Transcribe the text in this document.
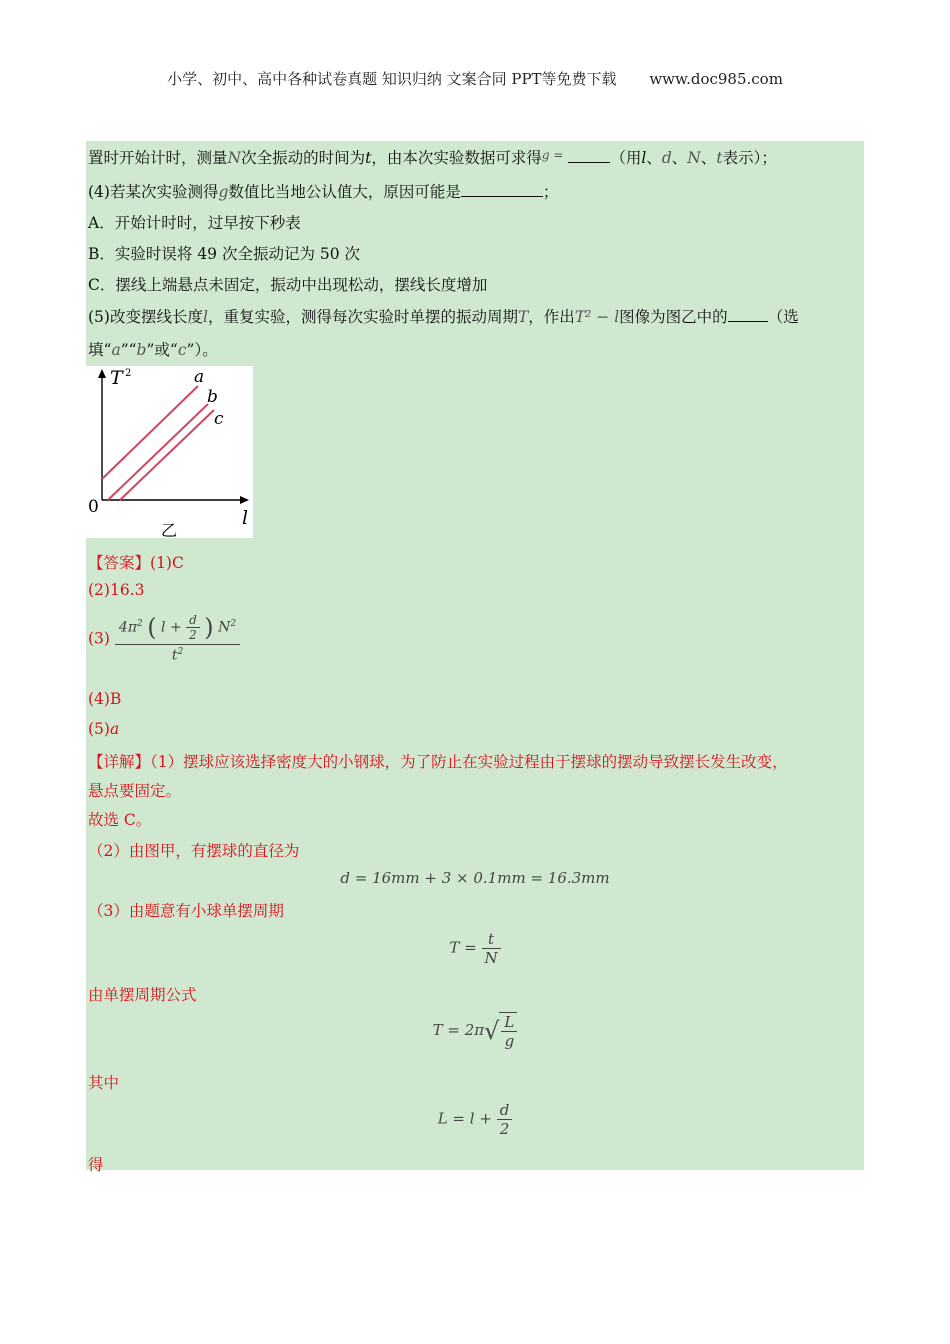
小学、初中、高中各种试卷真题 知识归纳 文案合同 PPT等免费下载 www.doc985.com
置时开始计时，测量N次全振动的时间为t，由本次实验数据可求得$^{g =}$	（用l、d、N、t表示）；
(4)若某次实验测得g数值比当地公认值大，原因可能是	；
A．开始计时时，过早按下秒表
B．实验时误将 49 次全振动记为 50 次
C．摆线上端悬点未固定，振动中出现松动，摆线长度增加
(5)改变摆线长度l，重复实验，测得每次实验时单摆的振动周期T，作出T² − l图像为图乙中的	（选
填“a”“b”或“c”）。
T 2	a
b
c
0	l
乙
【答案】(1)C
(2)16.3
$(3) \frac{4\pi^2 ( l + \frac{d}{2} ) N^2}{t^2}$
(4)B
(5)a
【详解】（1）摆球应该选择密度大的小钢球，为了防止在实验过程由于摆球的摆动导致摆长发生改变，
悬点要固定。
故选 C。
（2）由图甲，有摆球的直径为
d = 16mm + 3 × 0.1mm = 16.3mm
（3）由题意有小球单摆周期
$T = \frac{t}{N}$
由单摆周期公式
$T = 2\pi√ \frac{L}{g}$
其中
$L = l + \frac{d}{2}$
得
